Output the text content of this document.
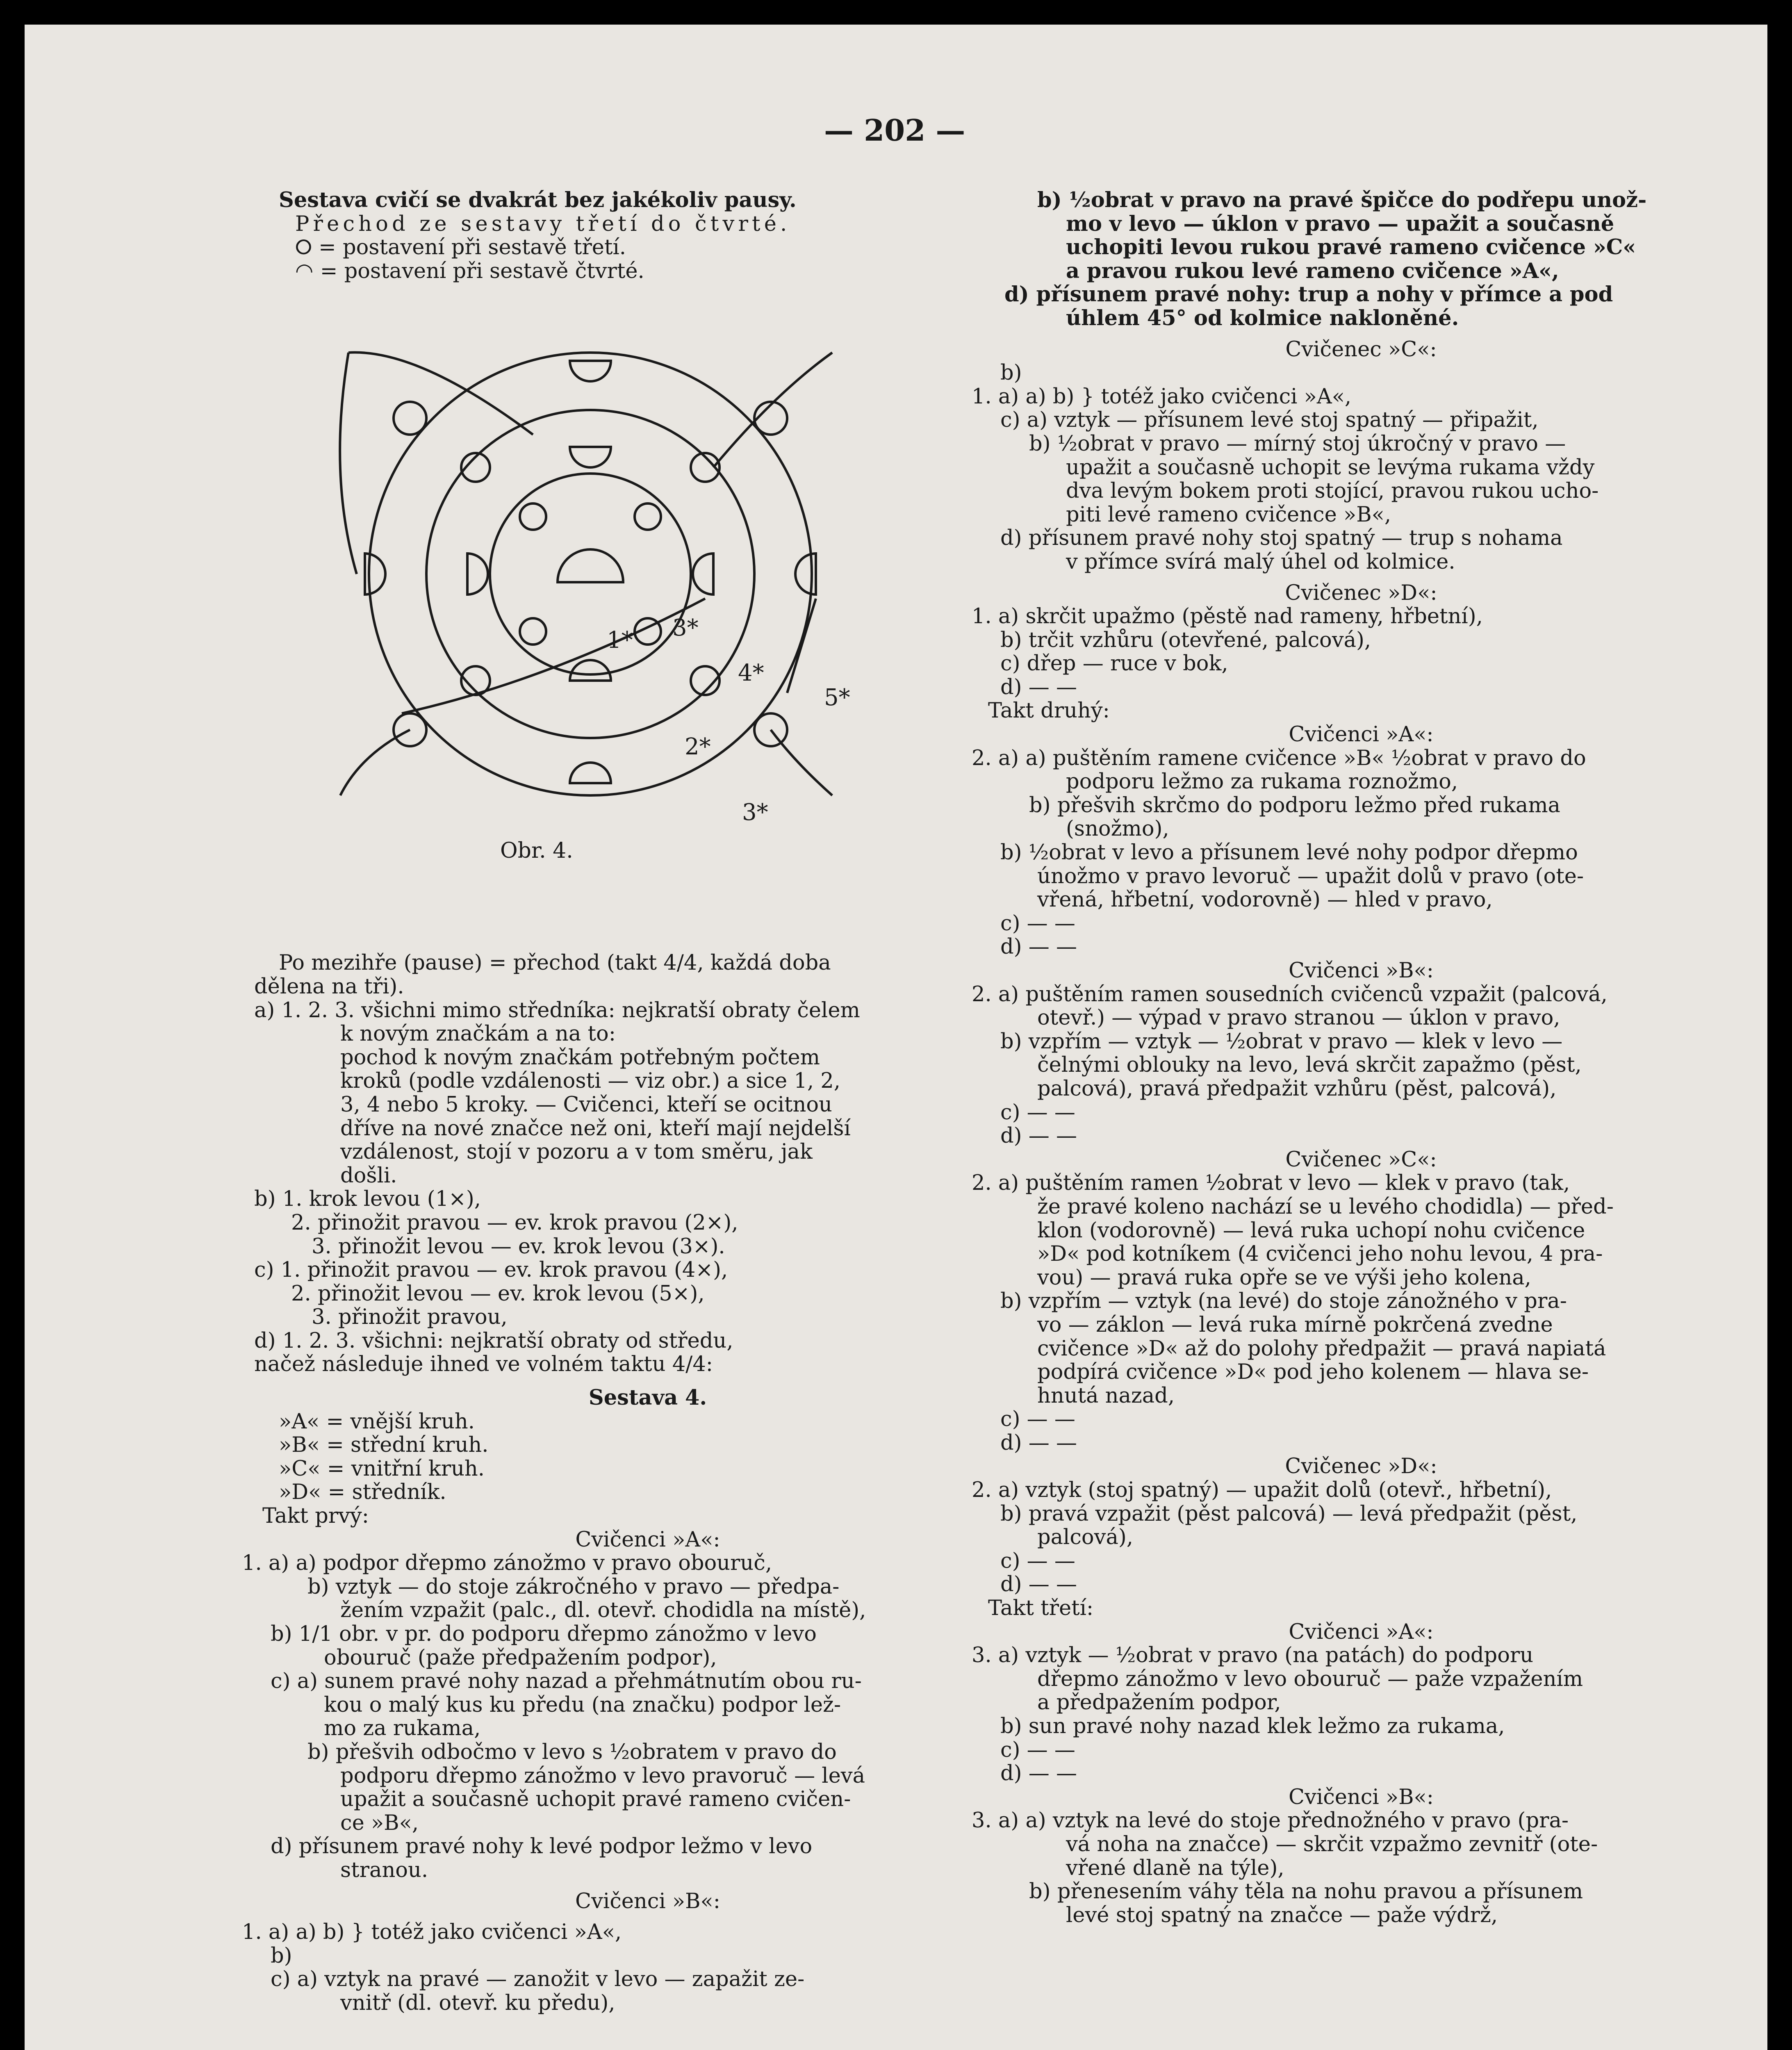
— 202 —

Sestava cvičí se dvakrát bez jakékoliv pausy.

Přechod ze sestavy třetí do čtvrté.

⭘ = postavení při sestavě třetí.

◠ = postavení při sestavě čtvrté.

Po mezihře (pause) = přechod (takt 4/4, každá doba

dělena na tři).

a) 1. 2. 3. všichni mimo středníka: nejkratší obraty čelem

k novým značkám a na to:

pochod k novým značkám potřebným počtem

kroků (podle vzdálenosti — viz obr.) a sice 1, 2,

3, 4 nebo 5 kroky. — Cvičenci, kteří se ocitnou

dříve na nové značce než oni, kteří mají nejdelší

vzdálenost, stojí v pozoru a v tom směru, jak

došli.

b) 1. krok levou (1×),

2. přinožit pravou — ev. krok pravou (2×),

3. přinožit levou — ev. krok levou (3×).

c) 1. přinožit pravou — ev. krok pravou (4×),

2. přinožit levou — ev. krok levou (5×),

3. přinožit pravou,

d) 1. 2. 3. všichni: nejkratší obraty od středu,

načež následuje ihned ve volném taktu 4/4:

Sestava 4.

»A« = vnější kruh.

»B« = střední kruh.

»C« = vnitřní kruh.

»D« = středník.

Takt prvý:

Cvičenci »A«:

1. a) a) podpor dřepmo zánožmo v pravo obouruč,

b) vztyk — do stoje zákročného v pravo — předpa-

žením vzpažit (palc., dl. otevř. chodidla na místě),

b) 1/1 obr. v pr. do podporu dřepmo zánožmo v levo

obouruč (paže předpažením podpor),

c) a) sunem pravé nohy nazad a přehmátnutím obou ru-

kou o malý kus ku předu (na značku) podpor lež-

mo za rukama,

b) přešvih odbočmo v levo s ½obratem v pravo do

podporu dřepmo zánožmo v levo pravoruč — levá

upažit a současně uchopit pravé rameno cvičen-

ce »B«,

d) přísunem pravé nohy k levé podpor ležmo v levo

stranou.

Cvičenci »B«:

1. a) a) b) } totéž jako cvičenci »A«,

b)

c) a) vztyk na pravé — zanožit v levo — zapažit ze-

vnitř (dl. otevř. ku předu),

1* 3*
4*
5*
2*
3*
Obr. 4.

b) ½obrat v pravo na pravé špičce do podřepu unož-

mo v levo — úklon v pravo — upažit a současně

uchopiti levou rukou pravé rameno cvičence »C«

a pravou rukou levé rameno cvičence »A«,

d) přísunem pravé nohy: trup a nohy v přímce a pod

úhlem 45° od kolmice nakloněné.

Cvičenec »C«:

b)

1. a) a) b) } totéž jako cvičenci »A«,

c) a) vztyk — přísunem levé stoj spatný — připažit,

b) ½obrat v pravo — mírný stoj úkročný v pravo —

upažit a současně uchopit se levýma rukama vždy

dva levým bokem proti stojící, pravou rukou ucho-

piti levé rameno cvičence »B«,

d) přísunem pravé nohy stoj spatný — trup s nohama

v přímce svírá malý úhel od kolmice.

Cvičenec »D«:

1. a) skrčit upažmo (pěstě nad rameny, hřbetní),

b) trčit vzhůru (otevřené, palcová),

c) dřep — ruce v bok,

d) — —

Takt druhý:

Cvičenci »A«:

2. a) a) puštěním ramene cvičence »B« ½obrat v pravo do

podporu ležmo za rukama roznožmo,

b) přešvih skrčmo do podporu ležmo před rukama

(snožmo),

b) ½obrat v levo a přísunem levé nohy podpor dřepmo

únožmo v pravo levoruč — upažit dolů v pravo (ote-

vřená, hřbetní, vodorovně) — hled v pravo,

c) — —

d) — —

Cvičenci »B«:

2. a) puštěním ramen sousedních cvičenců vzpažit (palcová,

otevř.) — výpad v pravo stranou — úklon v pravo,

b) vzpřím — vztyk — ½obrat v pravo — klek v levo —

čelnými oblouky na levo, levá skrčit zapažmo (pěst,

palcová), pravá předpažit vzhůru (pěst, palcová),

c) — —

d) — —

Cvičenec »C«:

2. a) puštěním ramen ½obrat v levo — klek v pravo (tak,

že pravé koleno nachází se u levého chodidla) — před-

klon (vodorovně) — levá ruka uchopí nohu cvičence

»D« pod kotníkem (4 cvičenci jeho nohu levou, 4 pra-

vou) — pravá ruka opře se ve výši jeho kolena,

b) vzpřím — vztyk (na levé) do stoje zánožného v pra-

vo — záklon — levá ruka mírně pokrčená zvedne

cvičence »D« až do polohy předpažit — pravá napiatá

podpírá cvičence »D« pod jeho kolenem — hlava se-

hnutá nazad,

c) — —

d) — —

Cvičenec »D«:

2. a) vztyk (stoj spatný) — upažit dolů (otevř., hřbetní),

b) pravá vzpažit (pěst palcová) — levá předpažit (pěst,

palcová),

c) — —

d) — —

Takt třetí:

Cvičenci »A«:

3. a) vztyk — ½obrat v pravo (na patách) do podporu

dřepmo zánožmo v levo obouruč — paže vzpažením

a předpažením podpor,

b) sun pravé nohy nazad klek ležmo za rukama,

c) — —

d) — —

Cvičenci »B«:

3. a) a) vztyk na levé do stoje přednožného v pravo (pra-

vá noha na značce) — skrčit vzpažmo zevnitř (ote-

vřené dlaně na týle),

b) přenesením váhy těla na nohu pravou a přísunem

levé stoj spatný na značce — paže výdrž,
